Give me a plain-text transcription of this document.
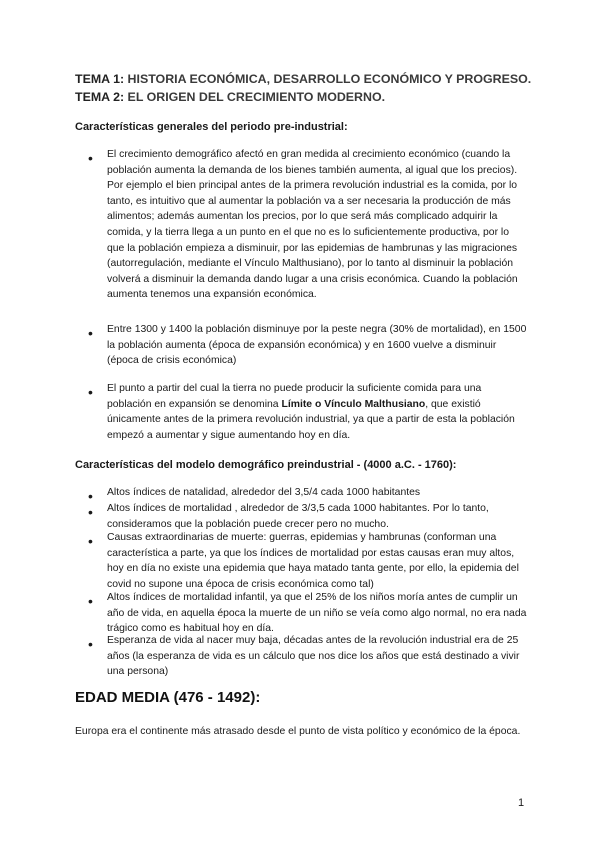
TEMA 1: HISTORIA ECONÓMICA, DESARROLLO ECONÓMICO Y PROGRESO.
TEMA 2: EL ORIGEN DEL CRECIMIENTO MODERNO.
Características generales del periodo pre-industrial:
• El crecimiento demográfico afectó en gran medida al crecimiento económico (cuando la población aumenta la demanda de los bienes también aumenta, al igual que los precios). Por ejemplo el bien principal antes de la primera revolución industrial es la comida, por lo tanto, es intuitivo que al aumentar la población va a ser necesaria la producción de más alimentos; además aumentan los precios, por lo que será más complicado adquirir la comida, y la tierra llega a un punto en el que no es lo suficientemente productiva, por lo que la población empieza a disminuir, por las epidemias de hambrunas y las migraciones (autorregulación, mediante el Vínculo Malthusiano), por lo tanto al disminuir la población volverá a disminuir la demanda dando lugar a una crisis económica. Cuando la población aumenta tenemos una expansión económica.
• Entre 1300 y 1400 la población disminuye por la peste negra (30% de mortalidad), en 1500 la población aumenta (época de expansión económica) y en 1600 vuelve a disminuir (época de crisis económica)
• El punto a partir del cual la tierra no puede producir la suficiente comida para una población en expansión se denomina Límite o Vínculo Malthusiano, que existió únicamente antes de la primera revolución industrial, ya que a partir de esta la población empezó a aumentar y sigue aumentando hoy en día.
Características del modelo demográfico preindustrial - (4000 a.C. - 1760):
• Altos índices de natalidad, alrededor del 3,5/4 cada 1000 habitantes
• Altos índices de mortalidad , alrededor de 3/3,5 cada 1000 habitantes. Por lo tanto, consideramos que la población puede crecer pero no mucho.
• Causas extraordinarias de muerte: guerras, epidemias y hambrunas (conforman una característica a parte, ya que los índices de mortalidad por estas causas eran muy altos, hoy en día no existe una epidemia que haya matado tanta gente, por ello, la epidemia del covid no supone una época de crisis económica como tal)
• Altos índices de mortalidad infantil, ya que el 25% de los niños moría antes de cumplir un año de vida, en aquella época la muerte de un niño se veía como algo normal, no era nada trágico como es habitual hoy en día.
• Esperanza de vida al nacer muy baja, décadas antes de la revolución industrial era de 25 años (la esperanza de vida es un cálculo que nos dice los años que está destinado a vivir una persona)
EDAD MEDIA (476 - 1492):
Europa era el continente más atrasado desde el punto de vista político y económico de la época.
1
